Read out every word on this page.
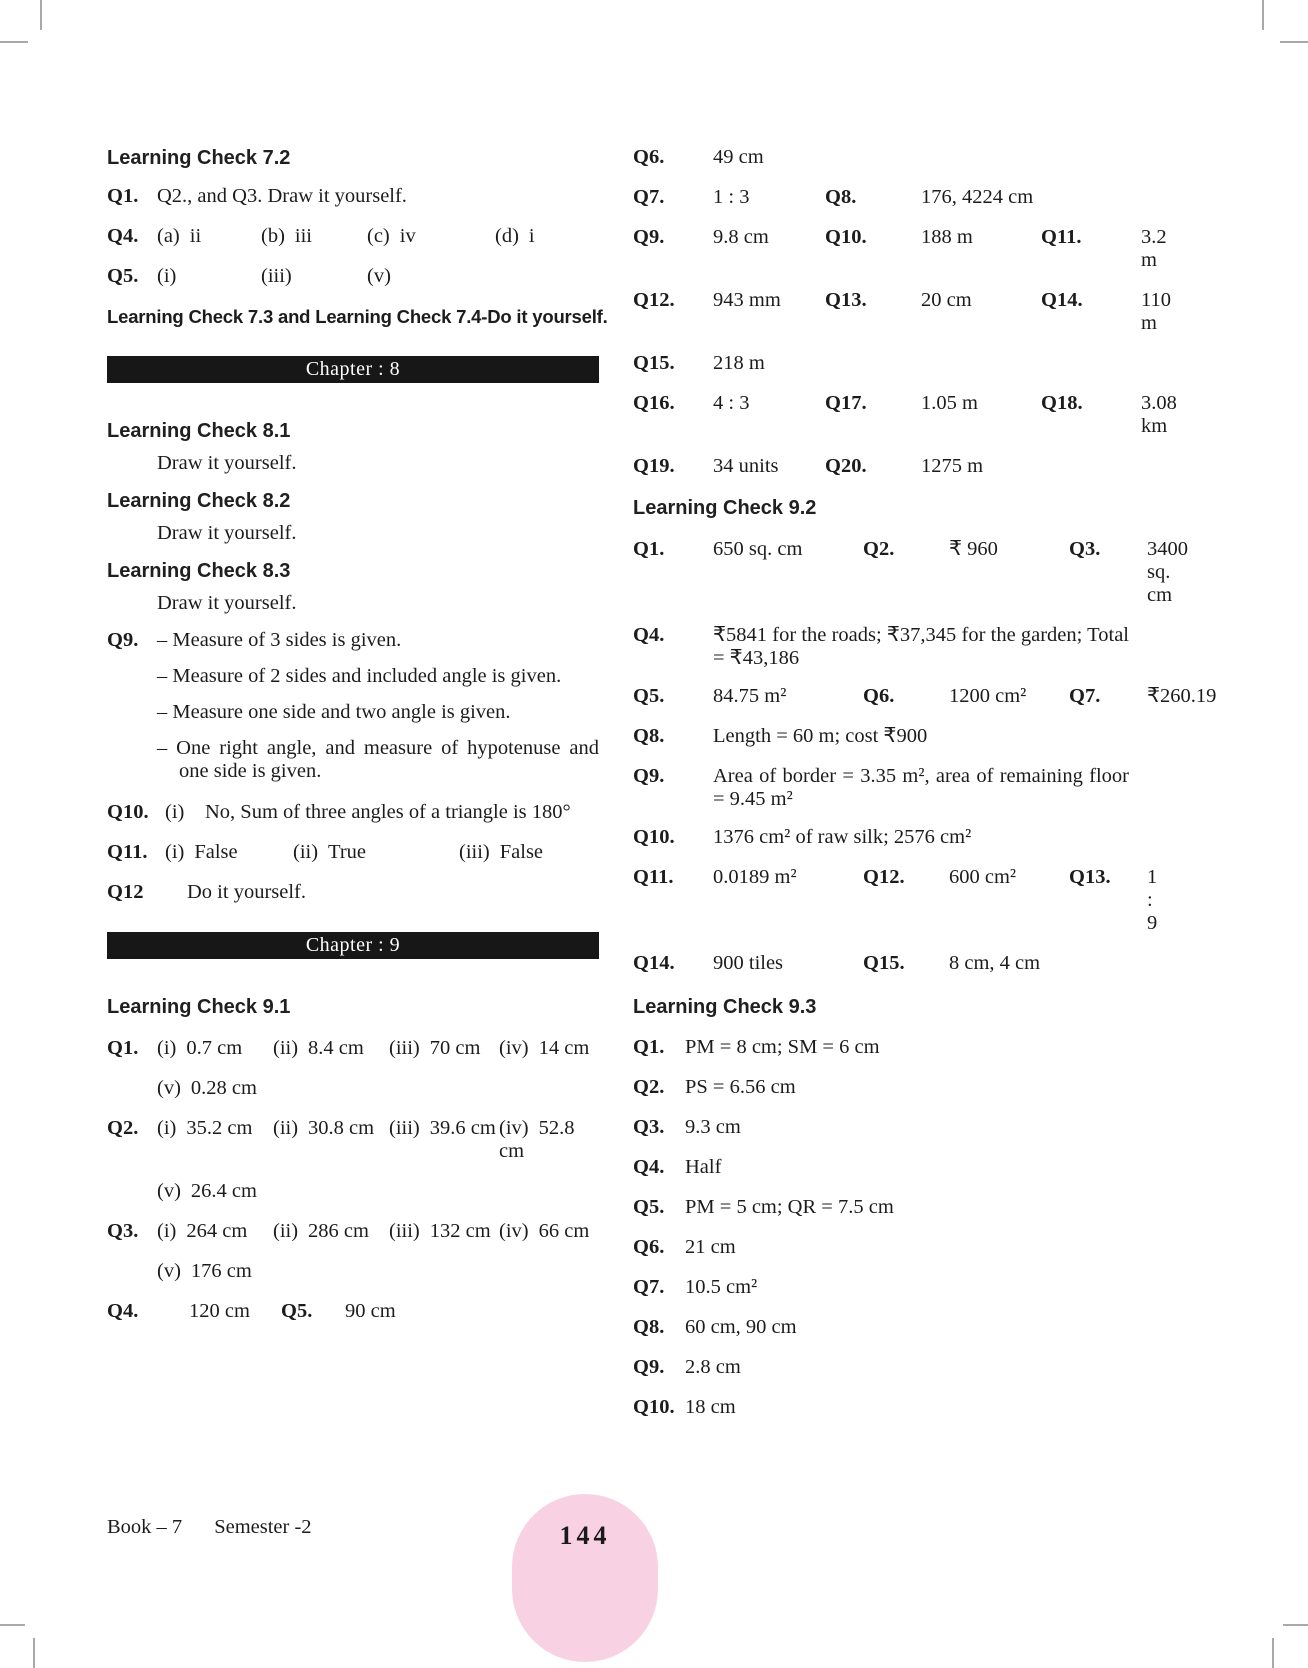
Learning Check 7.2
Q1. Q2., and Q3. Draw it yourself.
Q4. (a) ii	(b) iii	(c) iv	(d) i
Q5. (i)	(iii)	(v)
Learning Check 7.3 and Learning Check 7.4-Do it yourself.
Chapter : 8
Learning Check 8.1
Draw it yourself.
Learning Check 8.2
Draw it yourself.
Learning Check 8.3
Draw it yourself.
Q9. – Measure of 3 sides is given.
– Measure of 2 sides and included angle is given.
– Measure one side and two angle is given.
– One right angle, and measure of hypotenuse and one side is given.
Q10. (i)	No, Sum of three angles of a triangle is 180°
Q11. (i) False	(ii) True	(iii) False
Q12	Do it yourself.
Chapter : 9
Learning Check 9.1
Q1. (i) 0.7 cm	(ii) 8.4 cm	(iii) 70 cm (iv) 14 cm
(v) 0.28 cm
Q2. (i) 35.2 cm	(ii) 30.8 cm (iii) 39.6 cm (iv) 52.8 cm
(v) 26.4 cm
Q3. (i) 264 cm	(ii) 286 cm (iii) 132 cm (iv) 66 cm
(v) 176 cm
Q4.	120 cm	Q5.	90 cm
Q6.	49 cm
Q7.	1 : 3	Q8.	176, 4224 cm
Q9.	9.8 cm	Q10.	188 m	Q11.	3.2 m
Q12.	943 mm	Q13.	20 cm	Q14.	110 m
Q15.	218 m
Q16.	4 : 3	Q17.	1.05 m	Q18.	3.08 km
Q19.	34 units	Q20.	1275 m
Learning Check 9.2
Q1.	650 sq. cm	Q2.	₹ 960	Q3.	3400 sq. cm
Q4.	₹5841 for the roads; ₹37,345 for the garden; Total = ₹43,186
Q5.	84.75 m²	Q6.	1200 cm²	Q7.	₹260.19
Q8.	Length = 60 m; cost ₹900
Q9.	Area of border = 3.35 m², area of remaining floor = 9.45 m²
Q10.	1376 cm² of raw silk; 2576 cm²
Q11.	0.0189 m²	Q12.	600 cm²	Q13.	1 : 9
Q14.	900 tiles	Q15.	8 cm, 4 cm
Learning Check 9.3
Q1.	PM = 8 cm; SM = 6 cm
Q2.	PS = 6.56 cm
Q3.	9.3 cm
Q4.	Half
Q5.	PM = 5 cm; QR = 7.5 cm
Q6.	21 cm
Q7.	10.5 cm²
Q8.	60 cm, 90 cm
Q9.	2.8 cm
Q10. 18 cm
Book – 7 Semester -2	144
